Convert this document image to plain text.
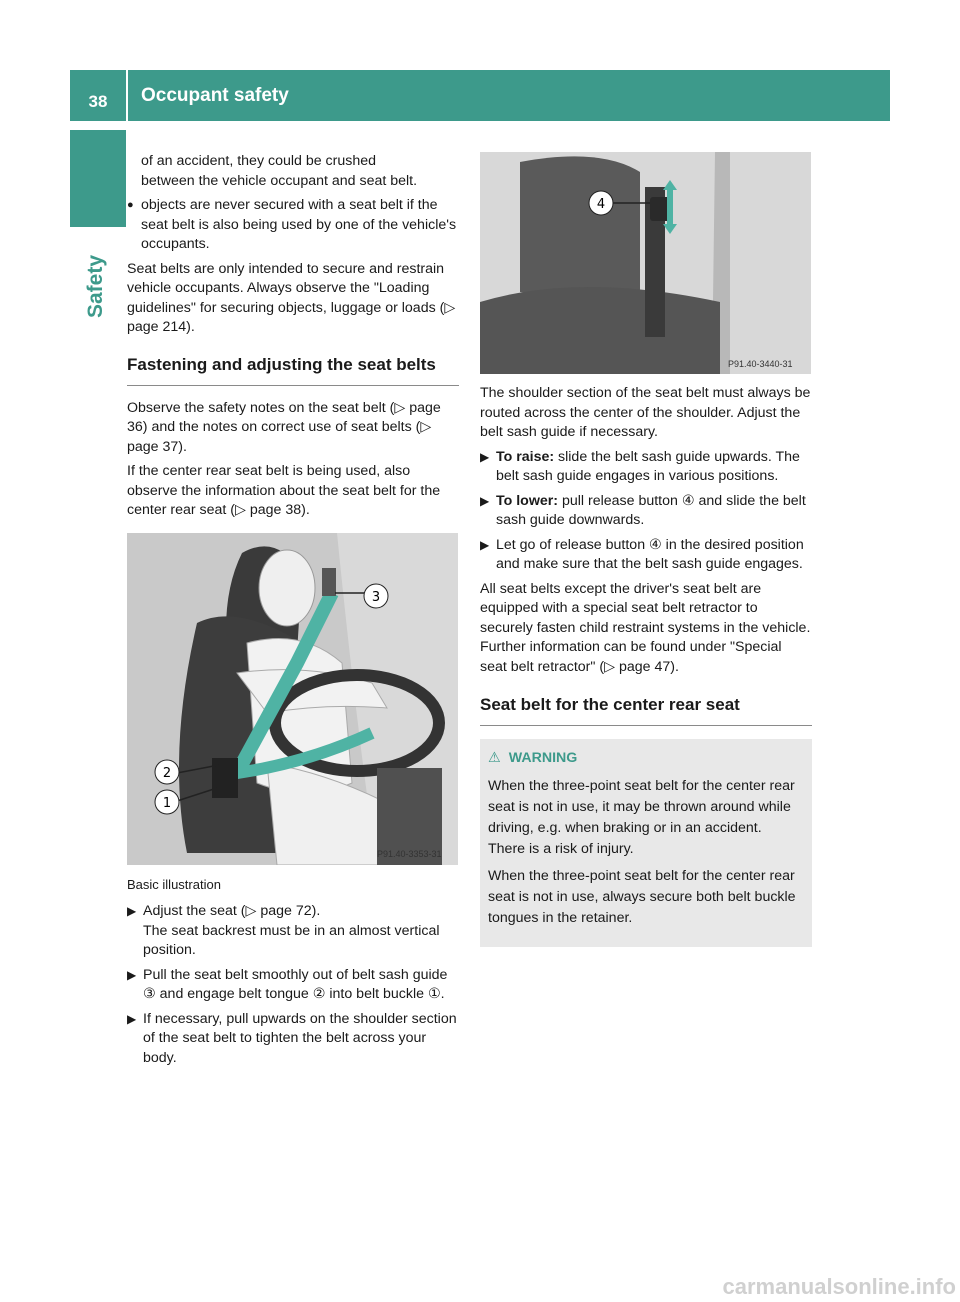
38	Occupant safety
Safety

of an accident, they could be crushed
between the vehicle occupant and seat belt.

● objects are never secured with a seat belt if the seat belt is also being used by one of the vehicle's occupants.

Seat belts are only intended to secure and restrain vehicle occupants. Always observe the "Loading guidelines" for securing objects, luggage or loads (▷ page 214).

Fastening and adjusting the seat belts

Observe the safety notes on the seat belt (▷ page 36) and the notes on correct use of seat belts (▷ page 37).

If the center rear seat belt is being used, also observe the information about the seat belt for the center rear seat (▷ page 38).

3
2
1
P91.40-3353-31

Basic illustration

▶ Adjust the seat (▷ page 72).
The seat backrest must be in an almost vertical position.
▶ Pull the seat belt smoothly out of belt sash guide ③ and engage belt tongue ② into belt buckle ①.
▶ If necessary, pull upwards on the shoulder section of the seat belt to tighten the belt across your body.
4
P91.40-3440-31

The shoulder section of the seat belt must always be routed across the center of the shoulder. Adjust the belt sash guide if necessary.

▶ To raise: slide the belt sash guide upwards. The belt sash guide engages in various positions.
▶ To lower: pull release button ④ and slide the belt sash guide downwards.
▶ Let go of release button ④ in the desired position and make sure that the belt sash guide engages.

All seat belts except the driver's seat belt are equipped with a special seat belt retractor to securely fasten child restraint systems in the vehicle. Further information can be found under "Special seat belt retractor" (▷ page 47).

Seat belt for the center rear seat
⚠ WARNING

When the three-point seat belt for the center rear seat is not in use, it may be thrown around while driving, e.g. when braking or in an accident. There is a risk of injury.

When the three-point seat belt for the center rear seat is not in use, always secure both belt buckle tongues in the retainer.

carmanualsonline.info
